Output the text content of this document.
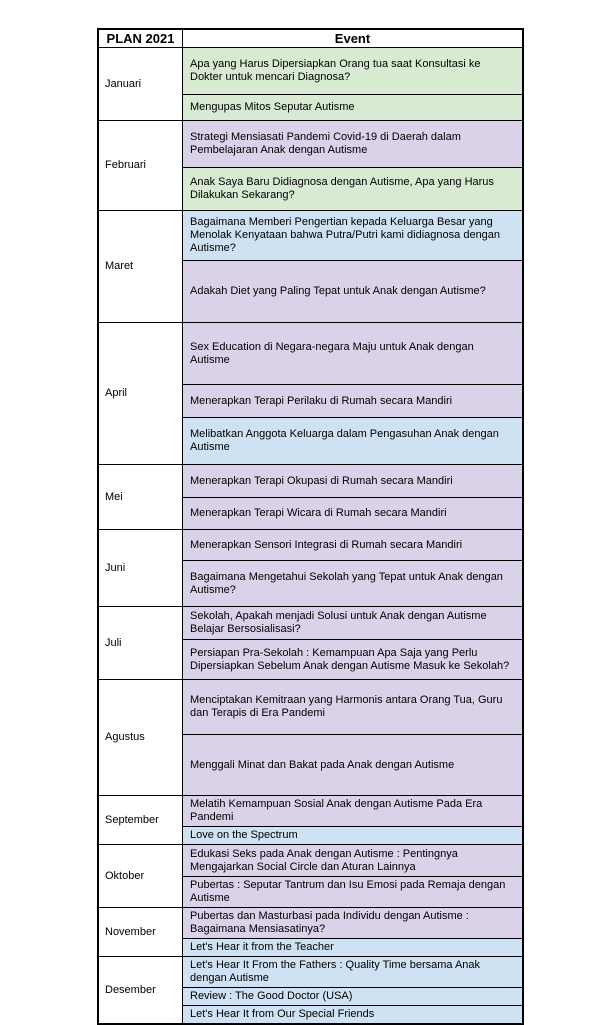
PLAN 2021	Event
Januari	Apa yang Harus Dipersiapkan Orang tua saat Konsultasi ke Dokter untuk mencari Diagnosa?
	Mengupas Mitos Seputar Autisme
Februari	Strategi Mensiasati Pandemi Covid-19 di Daerah dalam Pembelajaran Anak dengan Autisme
	Anak Saya Baru Didiagnosa dengan Autisme, Apa yang Harus Dilakukan Sekarang?
Maret	Bagaimana Memberi Pengertian kepada Keluarga Besar yang Menolak Kenyataan bahwa Putra/Putri kami didiagnosa dengan Autisme?
	Adakah Diet yang Paling Tepat untuk Anak dengan Autisme?
April	Sex Education di Negara-negara Maju untuk Anak dengan Autisme
	Menerapkan Terapi Perilaku di Rumah secara Mandiri
	Melibatkan Anggota Keluarga dalam Pengasuhan Anak dengan Autisme
Mei	Menerapkan Terapi Okupasi di Rumah secara Mandiri
	Menerapkan Terapi Wicara di Rumah secara Mandiri
Juni	Menerapkan Sensori Integrasi di Rumah secara Mandiri
	Bagaimana Mengetahui Sekolah yang Tepat untuk Anak dengan Autisme?
Juli	Sekolah, Apakah menjadi Solusi untuk Anak dengan Autisme Belajar Bersosialisasi?
	Persiapan Pra-Sekolah : Kemampuan Apa Saja yang Perlu Dipersiapkan Sebelum Anak dengan Autisme Masuk ke Sekolah?
Agustus	Menciptakan Kemitraan yang Harmonis antara Orang Tua, Guru dan Terapis di Era Pandemi
	Menggali Minat dan Bakat pada Anak dengan Autisme
September	Melatih Kemampuan Sosial Anak dengan Autisme Pada Era Pandemi
	Love on the Spectrum
Oktober	Edukasi Seks pada Anak dengan Autisme : Pentingnya Mengajarkan Social Circle dan Aturan Lainnya
	Pubertas : Seputar Tantrum dan Isu Emosi pada Remaja dengan Autisme
November	Pubertas dan Masturbasi pada Individu dengan Autisme : Bagaimana Mensiasatinya?
	Let's Hear it from the Teacher
Desember	Let's Hear It From the Fathers : Quality Time bersama Anak dengan Autisme
	Review : The Good Doctor (USA)
	Let's Hear It from Our Special Friends
